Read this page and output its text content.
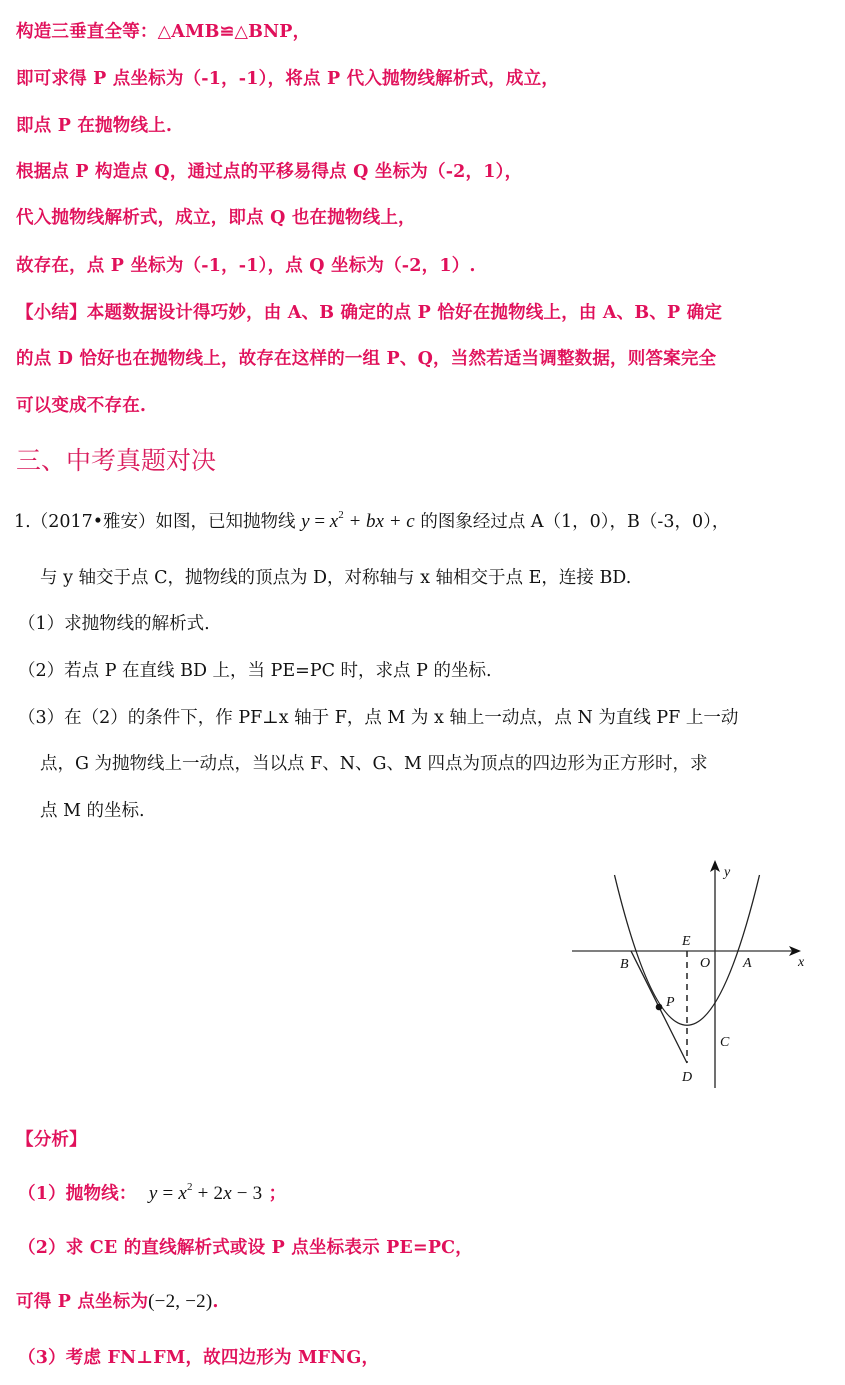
构造三垂直全等：△AMB≌△BNP，
即可求得 P 点坐标为（-1，-1），将点 P 代入抛物线解析式，成立，
即点 P 在抛物线上.
根据点 P 构造点 Q，通过点的平移易得点 Q 坐标为（-2，1），
代入抛物线解析式，成立，即点 Q 也在抛物线上，
故存在，点 P 坐标为（-1，-1），点 Q 坐标为（-2，1）.
【小结】本题数据设计得巧妙，由 A、B 确定的点 P 恰好在抛物线上，由 A、B、P 确定
的点 D 恰好也在抛物线上，故存在这样的一组 P、Q，当然若适当调整数据，则答案完全
可以变成不存在.
三、中考真题对决
1.（2017•雅安）如图，已知抛物线 $y = x^2$ + bx + c 的图象经过点 A（1，0），B（-3，0），
与 y 轴交于点 C，抛物线的顶点为 D，对称轴与 x 轴相交于点 E，连接 BD.
（1）求抛物线的解析式.
（2）若点 P 在直线 BD 上，当 PE=PC 时，求点 P 的坐标.
（3）在（2）的条件下，作 PF⊥x 轴于 F，点 M 为 x 轴上一动点，点 N 为直线 PF 上一动
点，G 为抛物线上一动点，当以点 F、N、G、M 四点为顶点的四边形为正方形时，求
点 M 的坐标.
y
x
E
O A
B
P
C
D
【分析】
（1）抛物线： $y = x^2 + 2x - 3$ ；
（2）求 CE 的直线解析式或设 P 点坐标表示 PE=PC，
可得 P 点坐标为(−2, −2).
（3）考虑 FN⊥FM，故四边形为 MFNG，
